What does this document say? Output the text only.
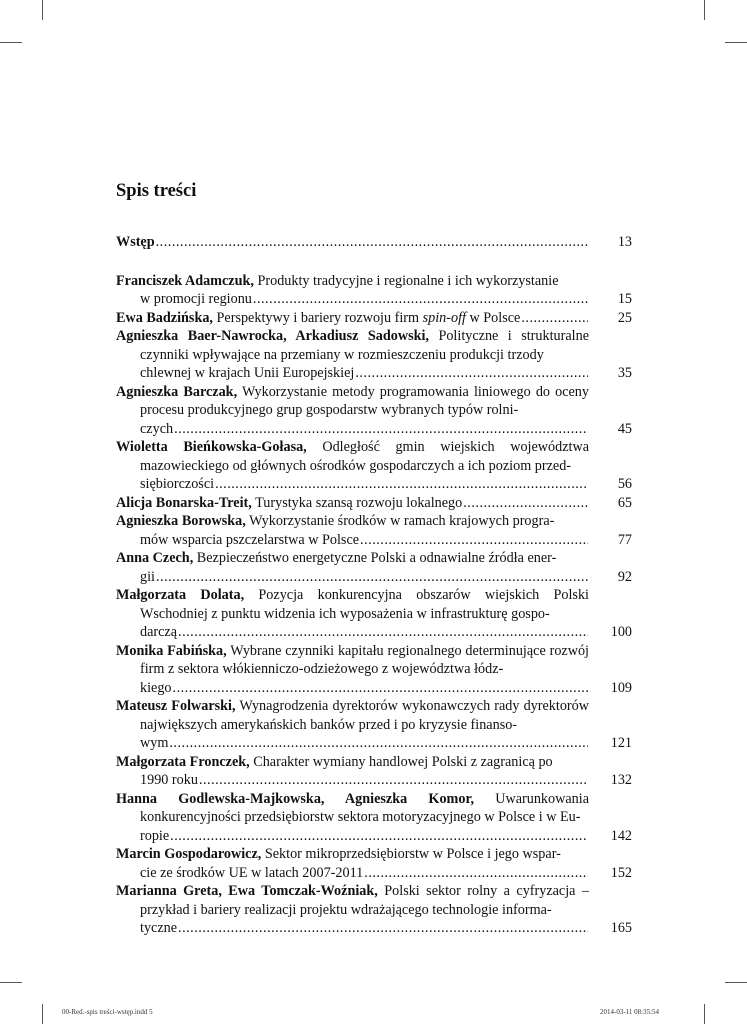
Spis treści
Wstęp .....	13
Franciszek Adamczuk, Produkty tradycyjne i regionalne i ich wykorzystanie
w promocji regionu .....	15
Ewa Badzińska, Perspektywy i bariery rozwoju firm spin-off w Polsce .....	25
Agnieszka Baer-Nawrocka, Arkadiusz Sadowski, Polityczne i strukturalne czynniki wpływające na przemiany w rozmieszczeniu produkcji trzody
chlewnej w krajach Unii Europejskiej .....	35
Agnieszka Barczak, Wykorzystanie metody programowania liniowego do oceny procesu produkcyjnego grup gospodarstw wybranych typów rolni-
czych .....	45
Wioletta Bieńkowska-Gołasa, Odległość gmin wiejskich województwa mazowieckiego od głównych ośrodków gospodarczych a ich poziom przed-
siębiorczości .....	56
Alicja Bonarska-Treit, Turystyka szansą rozwoju lokalnego .....	65
Agnieszka Borowska, Wykorzystanie środków w ramach krajowych progra-
mów wsparcia pszczelarstwa w Polsce .....	77
Anna Czech, Bezpieczeństwo energetyczne Polski a odnawialne źródła ener-
gii .....	92
Małgorzata Dolata, Pozycja konkurencyjna obszarów wiejskich Polski Wschodniej z punktu widzenia ich wyposażenia w infrastrukturę gospo-
darczą .....	100
Monika Fabińska, Wybrane czynniki kapitału regionalnego determinujące rozwój firm z sektora włókienniczo-odzieżowego z województwa łódz-
kiego .....	109
Mateusz Folwarski, Wynagrodzenia dyrektorów wykonawczych rady dyrektorów największych amerykańskich banków przed i po kryzysie finanso-
wym .....	121
Małgorzata Fronczek, Charakter wymiany handlowej Polski z zagranicą po
1990 roku .....	132
Hanna Godlewska-Majkowska, Agnieszka Komor, Uwarunkowania konkurencyjności przedsiębiorstw sektora motoryzacyjnego w Polsce i w Eu-
ropie .....	142
Marcin Gospodarowicz, Sektor mikroprzedsiębiorstw w Polsce i jego wspar-
cie ze środków UE w latach 2007-2011 .....	152
Marianna Greta, Ewa Tomczak-Woźniak, Polski sektor rolny a cyfryzacja – przykład i bariery realizacji projektu wdrażającego technologie informa-
tyczne .....	165
00-Red.-spis treści-wstęp.indd 5	2014-03-11 08:35:54
